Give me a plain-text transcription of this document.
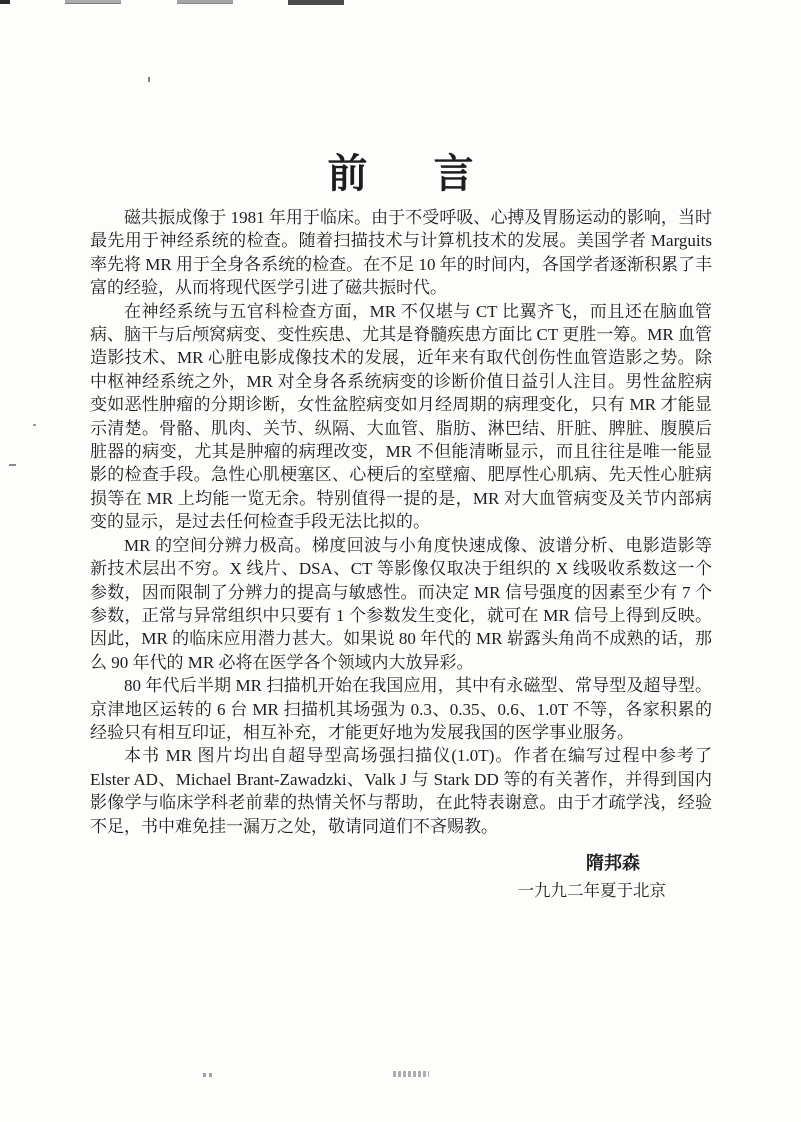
前 言

磁共振成像于 1981 年用于临床。由于不受呼吸、心搏及胃肠运动的影响，当时最先用于神经系统的检查。随着扫描技术与计算机技术的发展。美国学者 Marguits 率先将 MR 用于全身各系统的检查。在不足 10 年的时间内，各国学者逐渐积累了丰富的经验，从而将现代医学引进了磁共振时代。

在神经系统与五官科检查方面，MR 不仅堪与 CT 比翼齐飞，而且还在脑血管病、脑干与后颅窝病变、变性疾患、尤其是脊髓疾患方面比 CT 更胜一筹。MR 血管造影技术、MR 心脏电影成像技术的发展，近年来有取代创伤性血管造影之势。除中枢神经系统之外，MR 对全身各系统病变的诊断价值日益引人注目。男性盆腔病变如恶性肿瘤的分期诊断，女性盆腔病变如月经周期的病理变化，只有 MR 才能显示清楚。骨骼、肌肉、关节、纵隔、大血管、脂肪、淋巴结、肝脏、脾脏、腹膜后脏器的病变，尤其是肿瘤的病理改变，MR 不但能清晰显示，而且往往是唯一能显影的检查手段。急性心肌梗塞区、心梗后的室壁瘤、肥厚性心肌病、先天性心脏病损等在 MR 上均能一览无余。特别值得一提的是，MR 对大血管病变及关节内部病变的显示，是过去任何检查手段无法比拟的。

MR 的空间分辨力极高。梯度回波与小角度快速成像、波谱分析、电影造影等新技术层出不穷。X 线片、DSA、CT 等影像仅取决于组织的 X 线吸收系数这一个参数，因而限制了分辨力的提高与敏感性。而决定 MR 信号强度的因素至少有 7 个参数，正常与异常组织中只要有 1 个参数发生变化，就可在 MR 信号上得到反映。因此，MR 的临床应用潜力甚大。如果说 80 年代的 MR 崭露头角尚不成熟的话，那么 90 年代的 MR 必将在医学各个领域内大放异彩。

80 年代后半期 MR 扫描机开始在我国应用，其中有永磁型、常导型及超导型。京津地区运转的 6 台 MR 扫描机其场强为 0.3、0.35、0.6、1.0T 不等，各家积累的经验只有相互印证，相互补充，才能更好地为发展我国的医学事业服务。

本书 MR 图片均出自超导型高场强扫描仪(1.0T)。作者在编写过程中参考了 Elster AD、Michael Brant-Zawadzki、Valk J 与 Stark DD 等的有关著作，并得到国内影像学与临床学科老前辈的热情关怀与帮助，在此特表谢意。由于才疏学浅，经验不足，书中难免挂一漏万之处，敬请同道们不吝赐教。

隋邦森
一九九二年夏于北京
